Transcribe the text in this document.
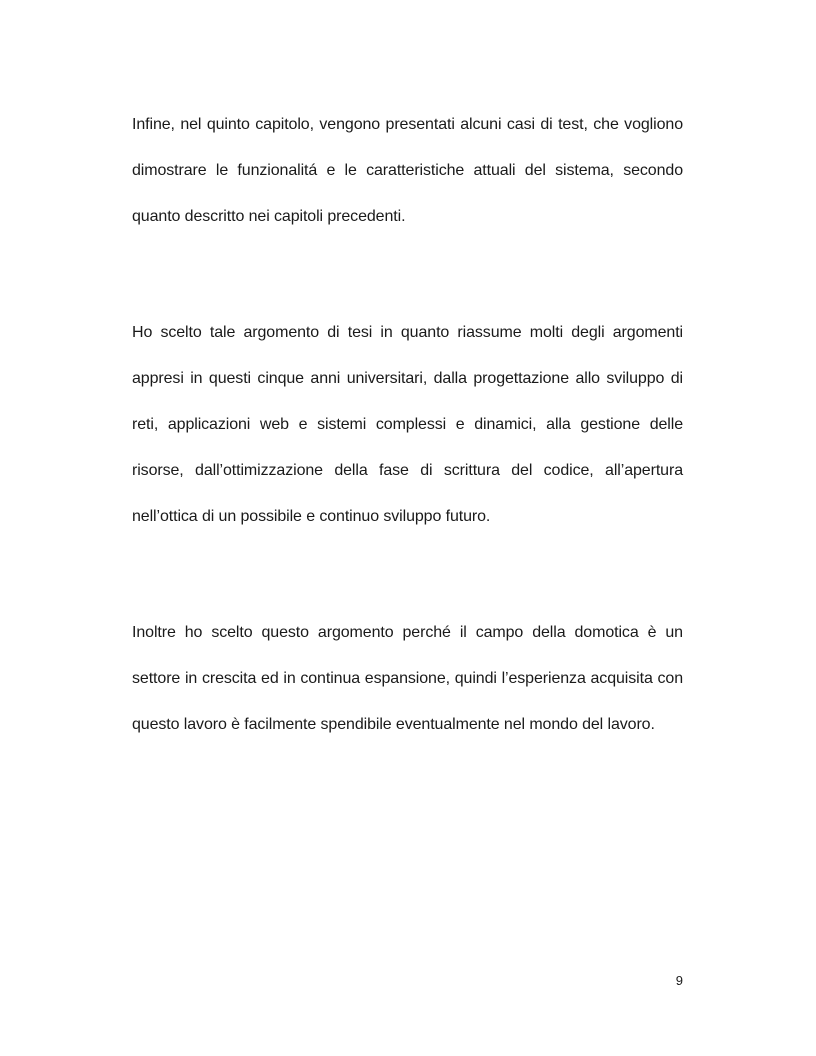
Infine, nel quinto capitolo, vengono presentati alcuni casi di test, che vogliono dimostrare le funzionalitá e le caratteristiche attuali del sistema, secondo quanto descritto nei capitoli precedenti.

Ho scelto tale argomento di tesi in quanto riassume molti degli argomenti appresi in questi cinque anni universitari, dalla progettazione allo sviluppo di reti, applicazioni web e sistemi complessi e dinamici, alla gestione delle risorse, dall’ottimizzazione della fase di scrittura del codice, all’apertura nell’ottica di un possibile e continuo sviluppo futuro.

Inoltre ho scelto questo argomento perché il campo della domotica è un settore in crescita ed in continua espansione, quindi l’esperienza acquisita con questo lavoro è facilmente spendibile eventualmente nel mondo del lavoro.

9
